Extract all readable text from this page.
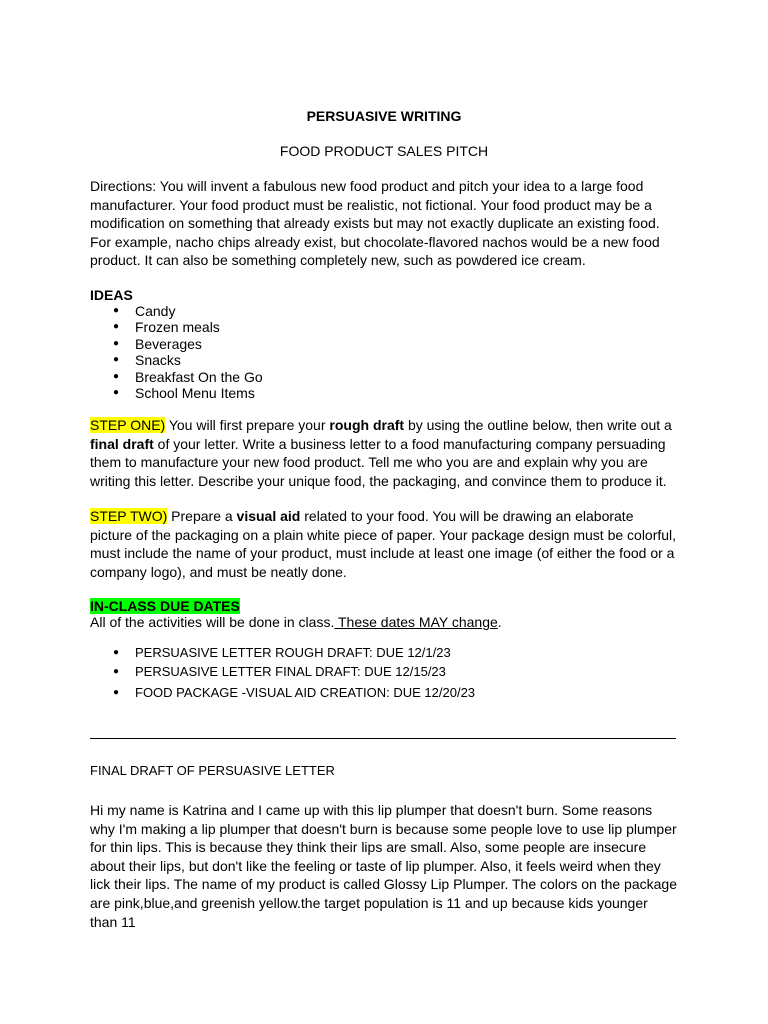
PERSUASIVE WRITING
FOOD PRODUCT SALES PITCH

Directions: You will invent a fabulous new food product and pitch your idea to a large food manufacturer. Your food product must be realistic, not fictional. Your food product may be a modification on something that already exists but may not exactly duplicate an existing food. For example, nacho chips already exist, but chocolate-flavored nachos would be a new food product. It can also be something completely new, such as powdered ice cream.

IDEAS
● Candy
● Frozen meals
● Beverages
● Snacks
● Breakfast On the Go
● School Menu Items

STEP ONE) You will first prepare your rough draft by using the outline below, then write out a final draft of your letter. Write a business letter to a food manufacturing company persuading them to manufacture your new food product. Tell me who you are and explain why you are writing this letter. Describe your unique food, the packaging, and convince them to produce it.

STEP TWO) Prepare a visual aid related to your food. You will be drawing an elaborate picture of the packaging on a plain white piece of paper. Your package design must be colorful, must include the name of your product, must include at least one image (of either the food or a company logo), and must be neatly done.

IN-CLASS DUE DATES
All of the activities will be done in class. These dates MAY change.
● PERSUASIVE LETTER ROUGH DRAFT: DUE 12/1/23
● PERSUASIVE LETTER FINAL DRAFT: DUE 12/15/23
● FOOD PACKAGE -VISUAL AID CREATION: DUE 12/20/23
FINAL DRAFT OF PERSUASIVE LETTER

Hi my name is Katrina and I came up with this lip plumper that doesn't burn. Some reasons why I'm making a lip plumper that doesn't burn is because some people love to use lip plumper for thin lips. This is because they think their lips are small. Also, some people are insecure about their lips, but don't like the feeling or taste of lip plumper. Also, it feels weird when they lick their lips. The name of my product is called Glossy Lip Plumper. The colors on the package are pink,blue,and greenish yellow.the target population is 11 and up because kids younger than 11
